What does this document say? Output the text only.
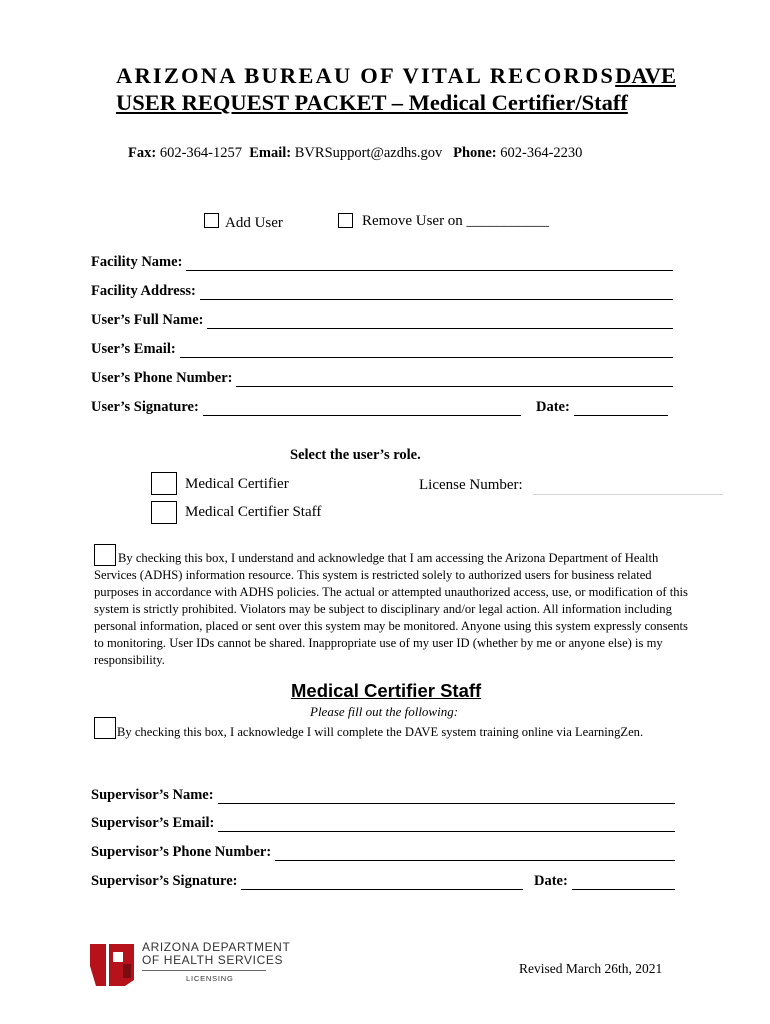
ARIZONA BUREAU OF VITAL RECORDS DAVE
USER REQUEST PACKET – Medical Certifier/Staff
Fax: 602-364-1257 Email: BVRSupport@azdhs.gov Phone: 602-364-2230
Add User	Remove User on ___________
Facility Name:
Facility Address:
User’s Full Name:
User’s Email:
User’s Phone Number:
User’s Signature:	Date:
Select the user’s role.
Medical Certifier	License Number:
Medical Certifier Staff
By checking this box, I understand and acknowledge that I am accessing the Arizona Department of Health Services (ADHS) information resource. This system is restricted solely to authorized users for business related purposes in accordance with ADHS policies. The actual or attempted unauthorized access, use, or modification of this system is strictly prohibited. Violators may be subject to disciplinary and/or legal action. All information including personal information, placed or sent over this system may be monitored. Anyone using this system expressly consents to monitoring. User IDs cannot be shared. Inappropriate use of my user ID (whether by me or anyone else) is my responsibility.
Medical Certifier Staff
Please fill out the following:
By checking this box, I acknowledge I will complete the DAVE system training online via LearningZen.
Supervisor’s Name:
Supervisor’s Email:
Supervisor’s Phone Number:
Supervisor’s Signature:	Date:
ARIZONA DEPARTMENT
OF HEALTH SERVICES
LICENSING
Revised March 26th, 2021
